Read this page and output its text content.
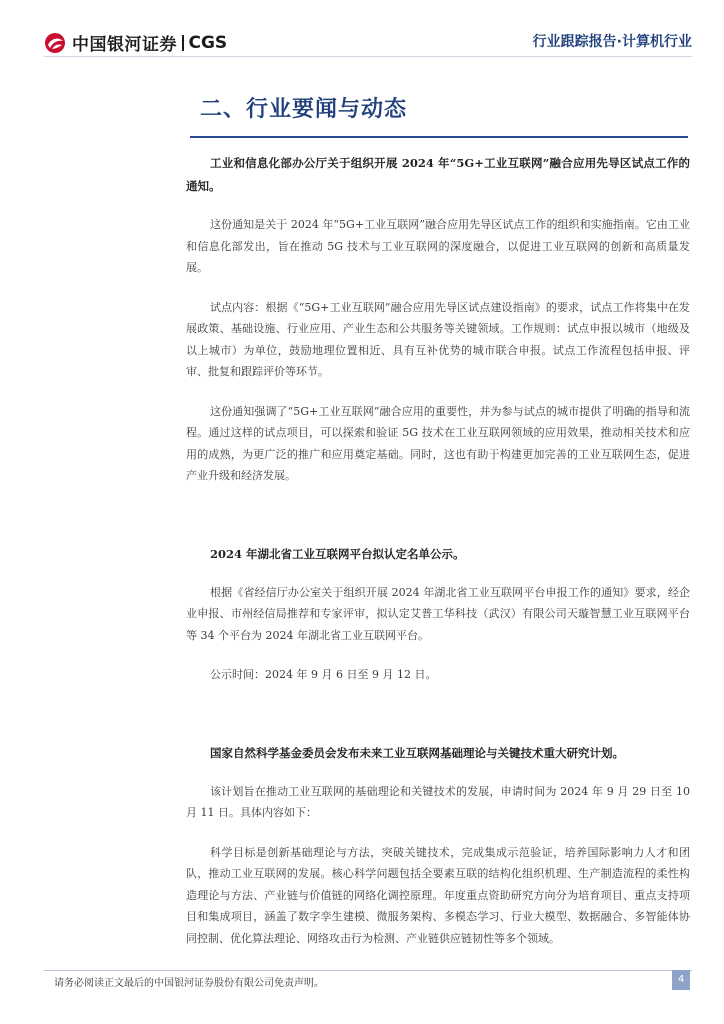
中国银河证券 CGS	行业跟踪报告·计算机行业
二、行业要闻与动态

工业和信息化部办公厅关于组织开展 2024 年“5G+工业互联网”融合应用先导区试点工作的通知。

这份通知是关于 2024 年“5G+工业互联网”融合应用先导区试点工作的组织和实施指南。它由工业和信息化部发出，旨在推动 5G 技术与工业互联网的深度融合，以促进工业互联网的创新和高质量发展。

试点内容：根据《“5G+工业互联网”融合应用先导区试点建设指南》的要求，试点工作将集中在发展政策、基础设施、行业应用、产业生态和公共服务等关键领域。工作规则：试点申报以城市（地级及以上城市）为单位，鼓励地理位置相近、具有互补优势的城市联合申报。试点工作流程包括申报、评审、批复和跟踪评价等环节。

这份通知强调了“5G+工业互联网”融合应用的重要性，并为参与试点的城市提供了明确的指导和流程。通过这样的试点项目，可以探索和验证 5G 技术在工业互联网领域的应用效果，推动相关技术和应用的成熟，为更广泛的推广和应用奠定基础。同时，这也有助于构建更加完善的工业互联网生态，促进产业升级和经济发展。

2024 年湖北省工业互联网平台拟认定名单公示。

根据《省经信厅办公室关于组织开展 2024 年湖北省工业互联网平台申报工作的通知》要求，经企业申报、市州经信局推荐和专家评审，拟认定艾普工华科技（武汉）有限公司天璇智慧工业互联网平台等 34 个平台为 2024 年湖北省工业互联网平台。

公示时间：2024 年 9 月 6 日至 9 月 12 日。

国家自然科学基金委员会发布未来工业互联网基础理论与关键技术重大研究计划。

该计划旨在推动工业互联网的基础理论和关键技术的发展，申请时间为 2024 年 9 月 29 日至 10 月 11 日。具体内容如下：

科学目标是创新基础理论与方法，突破关键技术，完成集成示范验证，培养国际影响力人才和团队，推动工业互联网的发展。核心科学问题包括全要素互联的结构化组织机理、生产制造流程的柔性构造理论与方法、产业链与价值链的网络化调控原理。年度重点资助研究方向分为培育项目、重点支持项目和集成项目，涵盖了数字孪生建模、微服务架构、多模态学习、行业大模型、数据融合、多智能体协同控制、优化算法理论、网络攻击行为检测、产业链供应链韧性等多个领域。

请务必阅读正文最后的中国银河证券股份有限公司免责声明。	4
